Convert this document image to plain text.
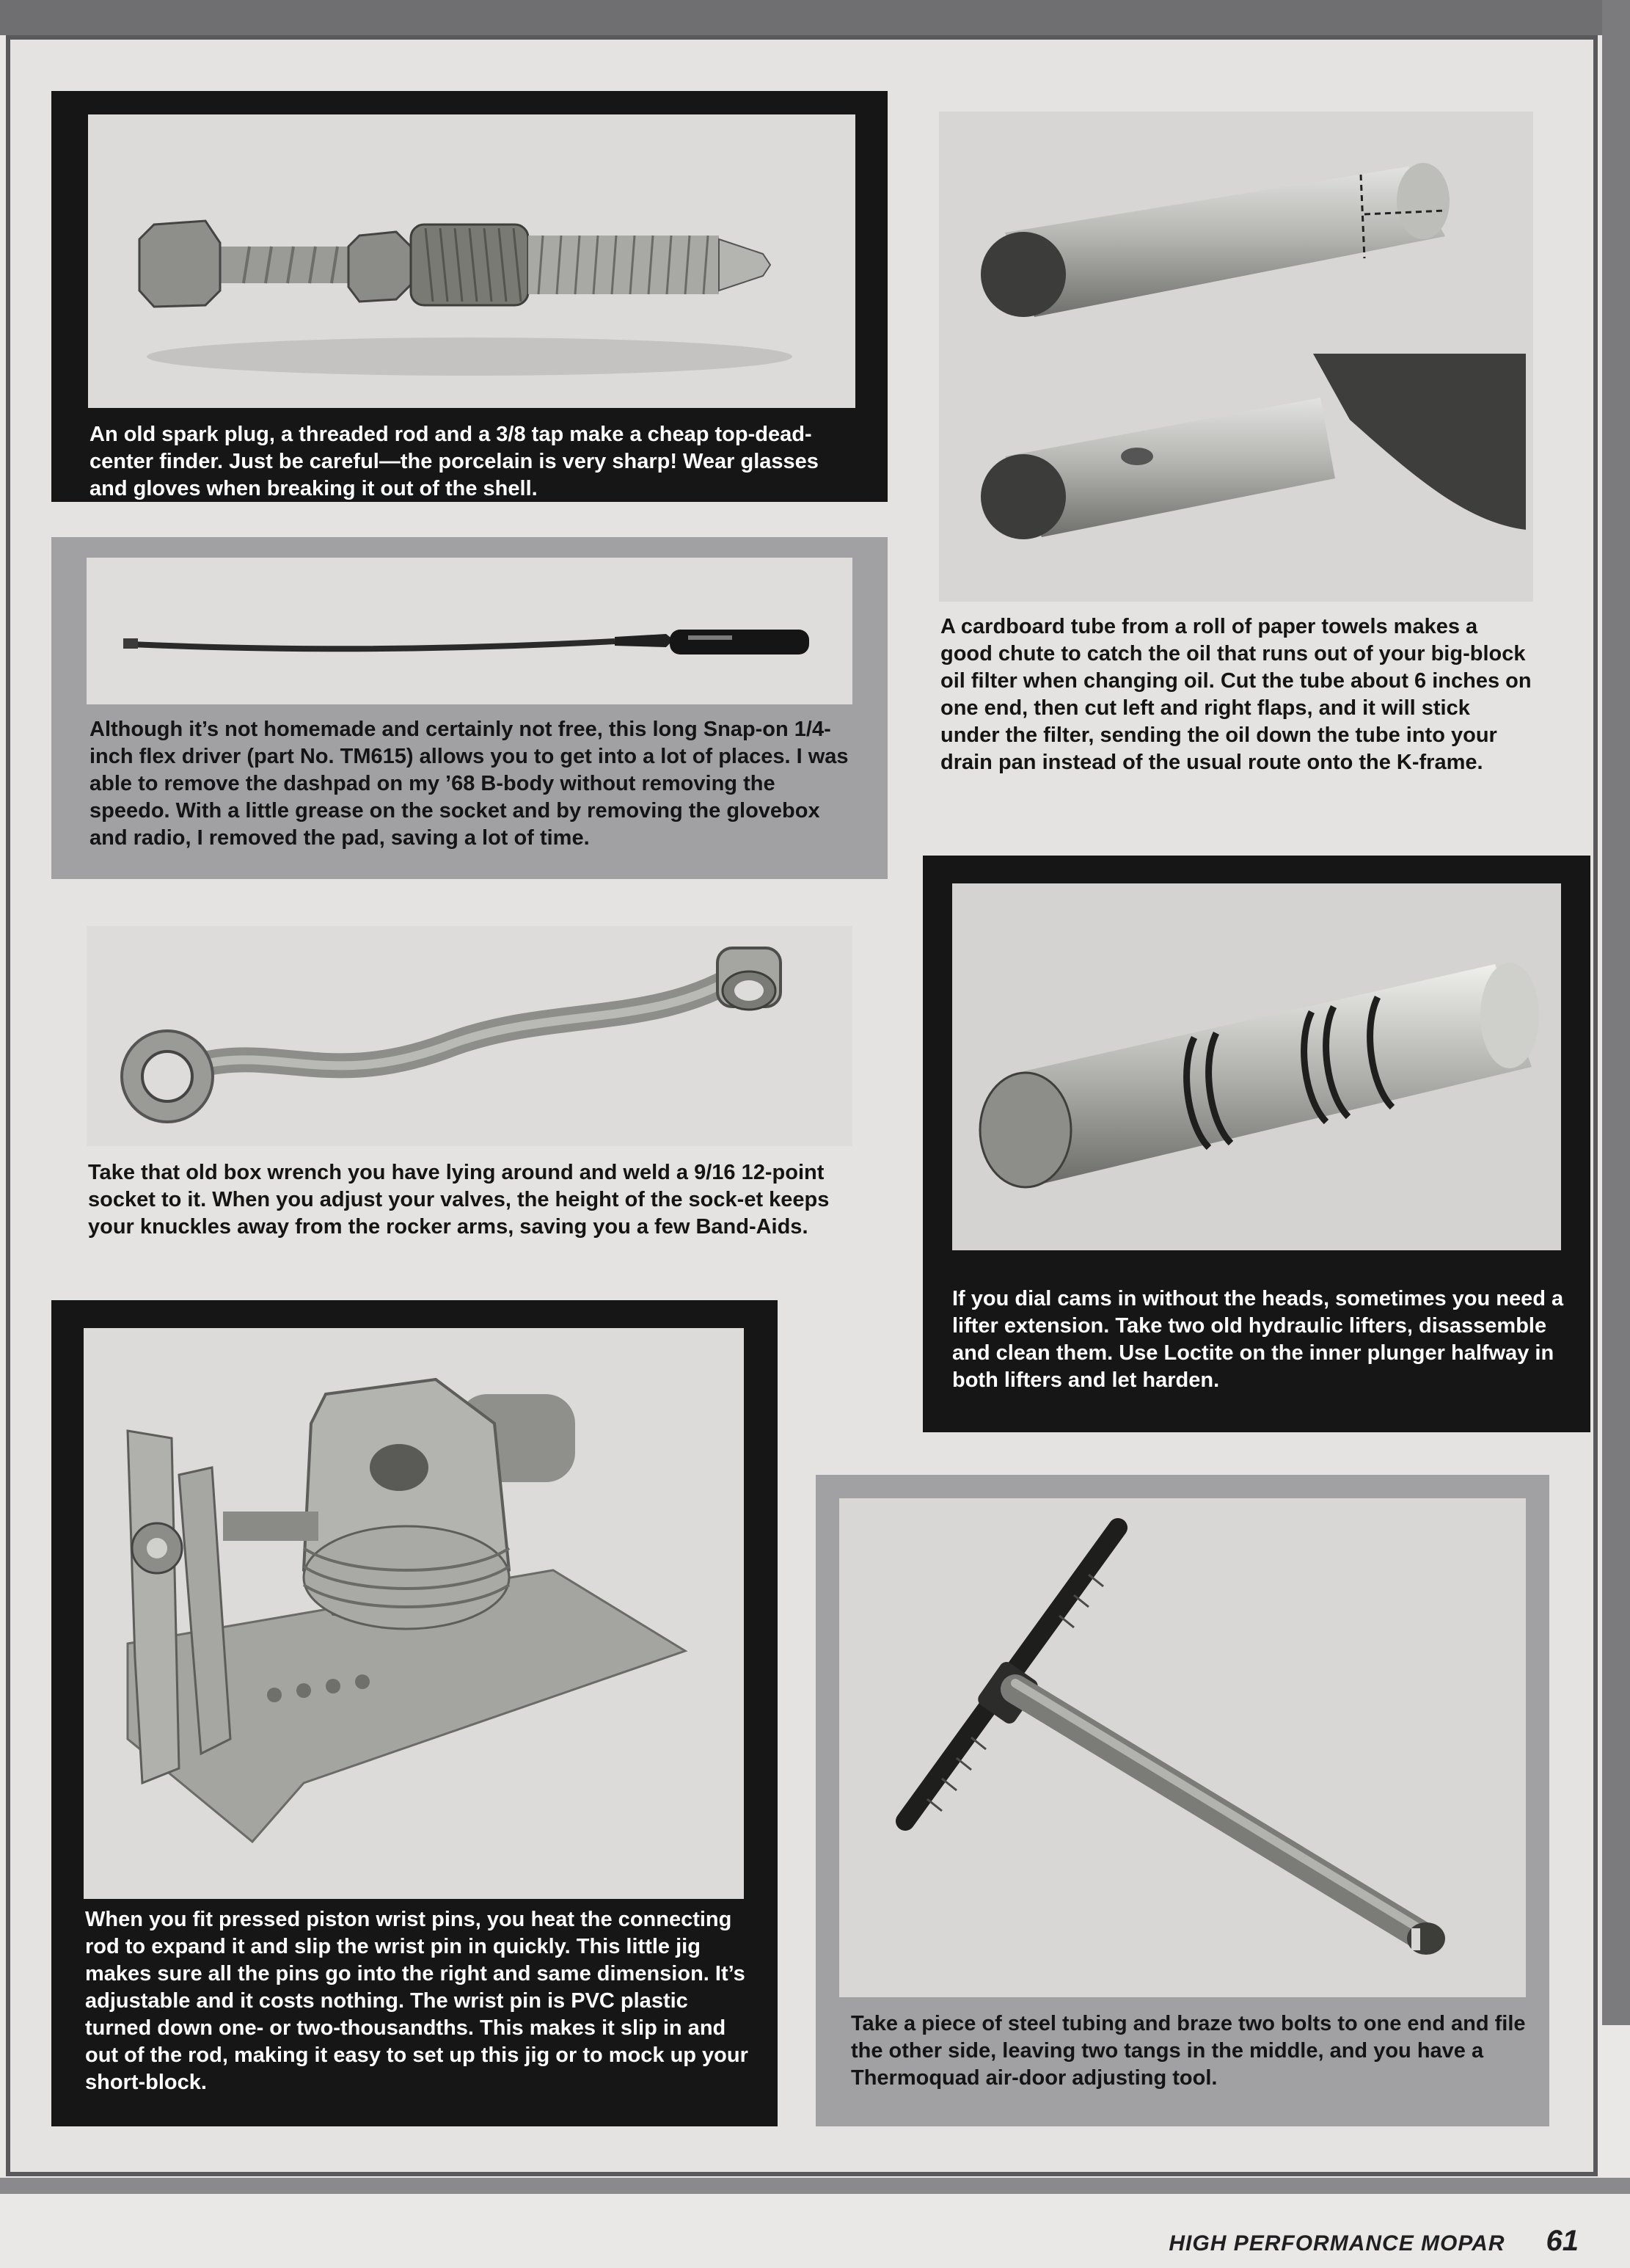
An old spark plug, a threaded rod and a 3/8 tap make a cheap top-dead-center finder. Just be careful—the porcelain is very sharp! Wear glasses and gloves when breaking it out of the shell.
Although it’s not homemade and certainly not free, this long Snap-on 1/4-inch flex driver (part No. TM615) allows you to get into a lot of places. I was able to remove the dashpad on my ’68 B-body without removing the speedo. With a little grease on the socket and by removing the glovebox and radio, I removed the pad, saving a lot of time.
Take that old box wrench you have lying around and weld a 9/16 12-point socket to it. When you adjust your valves, the height of the sock-et keeps your knuckles away from the rocker arms, saving you a few Band-Aids.
When you fit pressed piston wrist pins, you heat the connecting rod to expand it and slip the wrist pin in quickly. This little jig makes sure all the pins go into the right and same dimension. It’s adjustable and it costs nothing. The wrist pin is PVC plastic turned down one- or two-thousandths. This makes it slip in and out of the rod, making it easy to set up this jig or to mock up your short-block.
A cardboard tube from a roll of paper towels makes a good chute to catch the oil that runs out of your big-block oil filter when changing oil. Cut the tube about 6 inches on one end, then cut left and right flaps, and it will stick under the filter, sending the oil down the tube into your drain pan instead of the usual route onto the K-frame.
If you dial cams in without the heads, sometimes you need a lifter extension. Take two old hydraulic lifters, disassemble and clean them. Use Loctite on the inner plunger halfway in both lifters and let harden.
Take a piece of steel tubing and braze two bolts to one end and file the other side, leaving two tangs in the middle, and you have a Thermoquad air-door adjusting tool.
HIGH PERFORMANCE MOPAR 61
